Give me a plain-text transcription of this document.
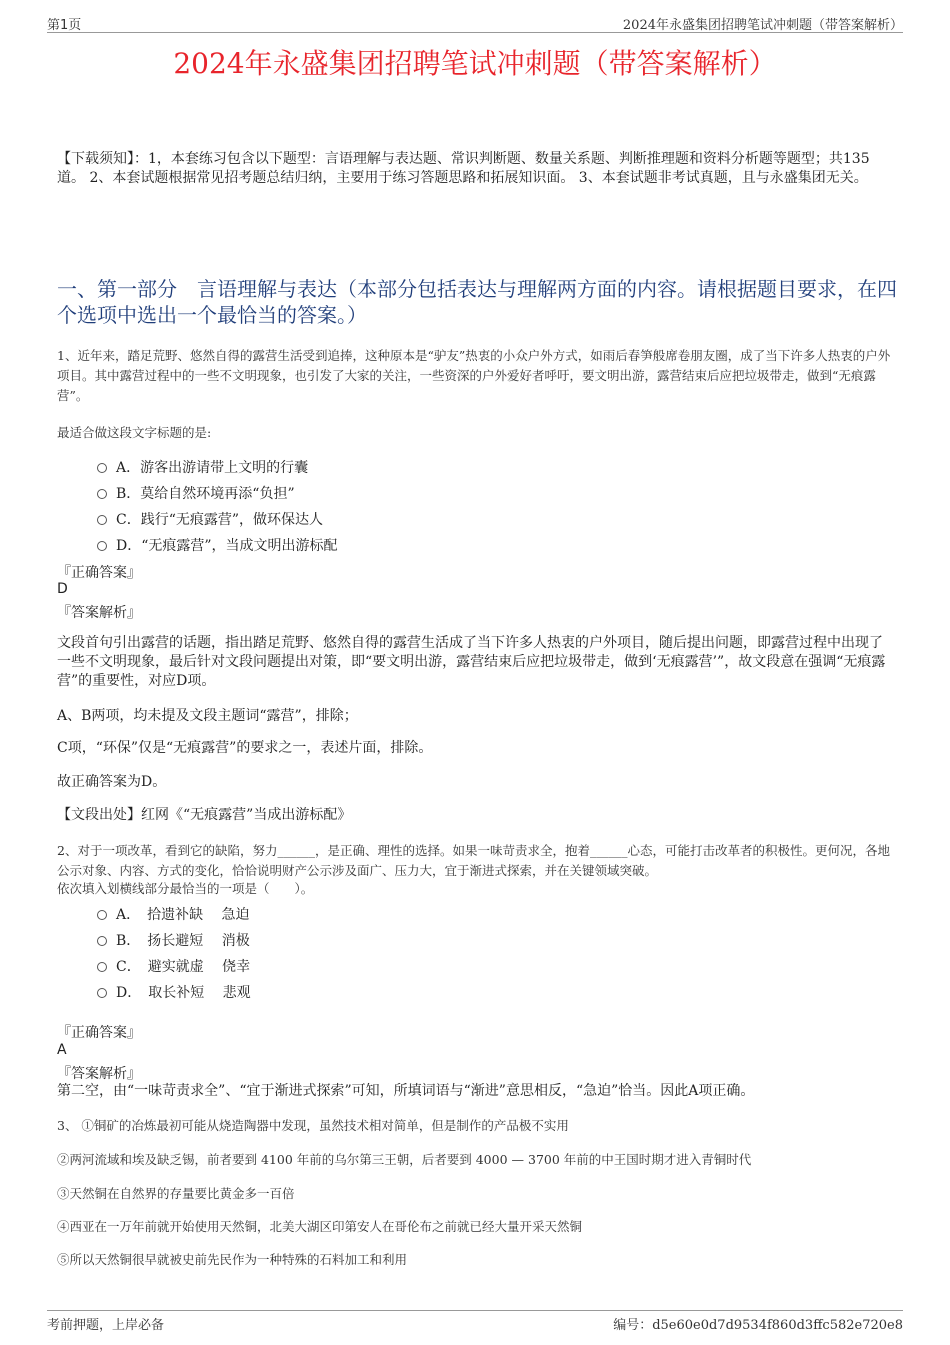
第1页	2024年永盛集团招聘笔试冲刺题（带答案解析）
2024年永盛集团招聘笔试冲刺题（带答案解析）
【下载须知】：1，本套练习包含以下题型：言语理解与表达题、常识判断题、数量关系题、判断推理题和资料分析题等题型；共135道。 2、本套试题根据常见招考题总结归纳，主要用于练习答题思路和拓展知识面。 3、本套试题非考试真题，且与永盛集团无关。
一、第一部分　言语理解与表达（本部分包括表达与理解两方面的内容。请根据题目要求，在四个选项中选出一个最恰当的答案。）
1、近年来，踏足荒野、悠然自得的露营生活受到追捧，这种原本是“驴友”热衷的小众户外方式，如雨后春笋般席卷朋友圈，成了当下许多人热衷的户外项目。其中露营过程中的一些不文明现象，也引发了大家的关注，一些资深的户外爱好者呼吁，要文明出游，露营结束后应把垃圾带走，做到“无痕露营”。
最适合做这段文字标题的是:
A．游客出游请带上文明的行囊
B．莫给自然环境再添“负担”
C．践行“无痕露营”，做环保达人
D．“无痕露营”，当成文明出游标配
『正确答案』
D
『答案解析』
文段首句引出露营的话题，指出踏足荒野、悠然自得的露营生活成了当下许多人热衷的户外项目，随后提出问题，即露营过程中出现了一些不文明现象，最后针对文段问题提出对策，即“要文明出游，露营结束后应把垃圾带走，做到‘无痕露营’”，故文段意在强调“无痕露营”的重要性，对应D项。
A、B两项，均未提及文段主题词“露营”，排除；
C项，“环保”仅是“无痕露营”的要求之一，表述片面，排除。
故正确答案为D。
【文段出处】红网《“无痕露营”当成出游标配》
2、对于一项改革，看到它的缺陷，努力______，是正确、理性的选择。如果一味苛责求全，抱着______心态，可能打击改革者的积极性。更何况，各地公示对象、内容、方式的变化，恰恰说明财产公示涉及面广、压力大，宜于渐进式探索，并在关键领域突破。
依次填入划横线部分最恰当的一项是（　　）。
A．　拾遗补缺　 急迫
B．　扬长避短　 消极
C．　避实就虚　 侥幸
D．　取长补短　 悲观
『正确答案』
A
『答案解析』
第二空，由“一味苛责求全”、“宜于渐进式探索”可知，所填词语与“渐进”意思相反，“急迫”恰当。因此A项正确。
3、 ①铜矿的冶炼最初可能从烧造陶器中发现，虽然技术相对简单，但是制作的产品极不实用
②两河流域和埃及缺乏锡，前者要到 4100 年前的乌尔第三王朝，后者要到 4000 — 3700 年前的中王国时期才进入青铜时代
③天然铜在自然界的存量要比黄金多一百倍
④西亚在一万年前就开始使用天然铜，北美大湖区印第安人在哥伦布之前就已经大量开采天然铜
⑤所以天然铜很早就被史前先民作为一种特殊的石料加工和利用
考前押题，上岸必备	编号：d5e60e0d7d9534f860d3ffc582e720e8
